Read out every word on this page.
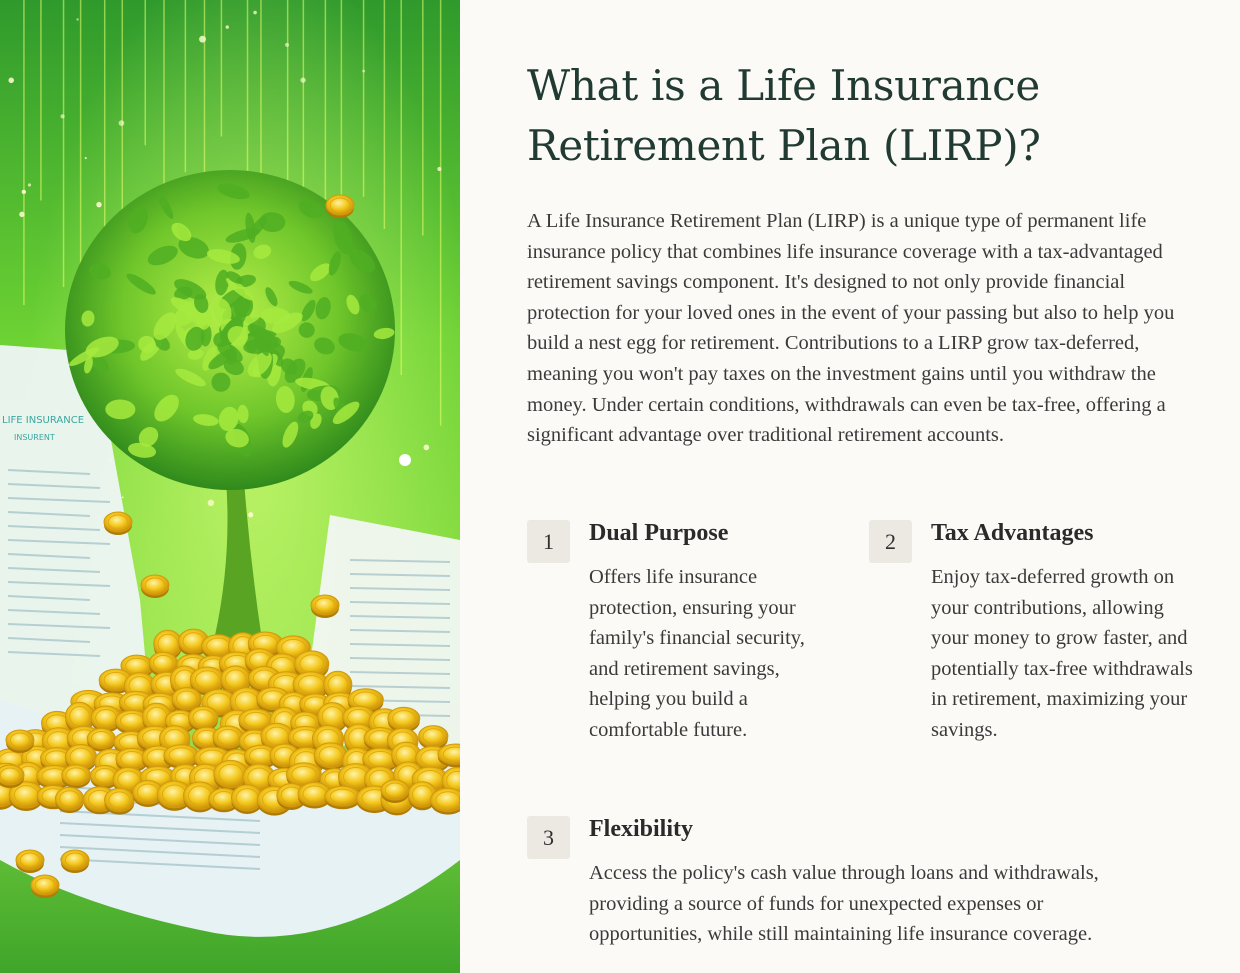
LIFE INSURANCE
INSURENT
What is a Life Insurance Retirement Plan (LIRP)?

A Life Insurance Retirement Plan (LIRP) is a unique type of permanent life insurance policy that combines life insurance coverage with a tax-advantaged retirement savings component. It's designed to not only provide financial protection for your loved ones in the event of your passing but also to help you build a nest egg for retirement. Contributions to a LIRP grow tax-deferred, meaning you won't pay taxes on the investment gains until you withdraw the money. Under certain conditions, withdrawals can even be tax-free, offering a significant advantage over traditional retirement accounts.

1	Dual Purpose

Offers life insurance protection, ensuring your family's financial security, and retirement savings, helping you build a comfortable future.

2	Tax Advantages

Enjoy tax-deferred growth on your contributions, allowing your money to grow faster, and potentially tax-free withdrawals in retirement, maximizing your savings.

3	Flexibility

Access the policy's cash value through loans and withdrawals, providing a source of funds for unexpected expenses or opportunities, while still maintaining life insurance coverage.
